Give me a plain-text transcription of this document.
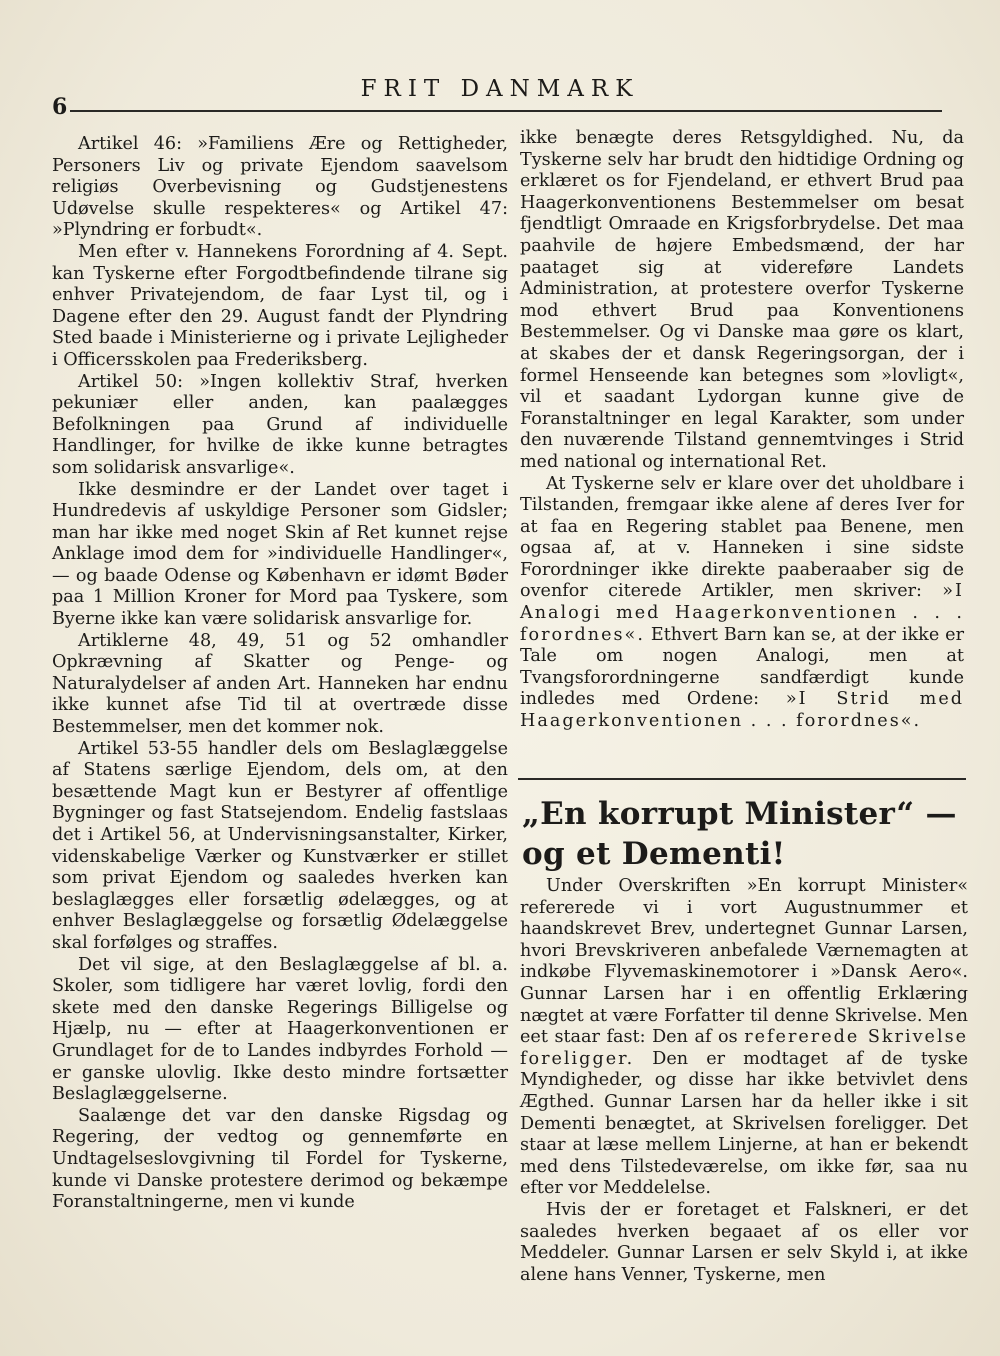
6
FRIT DANMARK

Artikel 46: »Familiens Ære og Rettigheder, Personers Liv og private Ejendom saavelsom religiøs Overbevisning og Gudstjenestens Udøvelse skulle respekteres« og Artikel 47: »Plyndring er forbudt«.

Men efter v. Hannekens Forordning af 4. Sept. kan Tyskerne efter Forgodtbefindende tilrane sig enhver Privatejendom, de faar Lyst til, og i Dagene efter den 29. August fandt der Plyndring Sted baade i Ministerierne og i private Lejligheder i Officersskolen paa Frederiksberg.

Artikel 50: »Ingen kollektiv Straf, hverken pekuniær eller anden, kan paalægges Befolkningen paa Grund af individuelle Handlinger, for hvilke de ikke kunne betragtes som solidarisk ansvarlige«.

Ikke desmindre er der Landet over taget i Hundredevis af uskyldige Personer som Gidsler; man har ikke med noget Skin af Ret kunnet rejse Anklage imod dem for »individuelle Handlinger«, — og baade Odense og København er idømt Bøder paa 1 Million Kroner for Mord paa Tyskere, som Byerne ikke kan være solidarisk ansvarlige for.

Artiklerne 48, 49, 51 og 52 omhandler Opkrævning af Skatter og Penge- og Naturalydelser af anden Art. Hanneken har endnu ikke kunnet afse Tid til at overtræde disse Bestemmelser, men det kommer nok.

Artikel 53-55 handler dels om Beslaglæggelse af Statens særlige Ejendom, dels om, at den besættende Magt kun er Bestyrer af offentlige Bygninger og fast Statsejendom. Endelig fastslaas det i Artikel 56, at Undervisningsanstalter, Kirker, videnskabelige Værker og Kunstværker er stillet som privat Ejendom og saaledes hverken kan beslaglægges eller forsætlig ødelægges, og at enhver Beslaglæggelse og forsætlig Ødelæggelse skal forfølges og straffes.

Det vil sige, at den Beslaglæggelse af bl. a. Skoler, som tidligere har været lovlig, fordi den skete med den danske Regerings Billigelse og Hjælp, nu — efter at Haagerkonventionen er Grundlaget for de to Landes indbyrdes Forhold — er ganske ulovlig. Ikke desto mindre fortsætter Beslaglæggelserne.

Saalænge det var den danske Rigsdag og Regering, der vedtog og gennemførte en Undtagelseslovgivning til Fordel for Tyskerne, kunde vi Danske protestere derimod og bekæmpe Foranstaltningerne, men vi kunde

ikke benægte deres Retsgyldighed. Nu, da Tyskerne selv har brudt den hidtidige Ordning og erklæret os for Fjendeland, er ethvert Brud paa Haagerkonventionens Bestemmelser om besat fjendtligt Omraade en Krigsforbrydelse. Det maa paahvile de højere Embedsmænd, der har paataget sig at videreføre Landets Administration, at protestere overfor Tyskerne mod ethvert Brud paa Konventionens Bestemmelser. Og vi Danske maa gøre os klart, at skabes der et dansk Regeringsorgan, der i formel Henseende kan betegnes som »lovligt«, vil et saadant Lydorgan kunne give de Foranstaltninger en legal Karakter, som under den nuværende Tilstand gennemtvinges i Strid med national og international Ret.

At Tyskerne selv er klare over det uholdbare i Tilstanden, fremgaar ikke alene af deres Iver for at faa en Regering stablet paa Benene, men ogsaa af, at v. Hanneken i sine sidste Forordninger ikke direkte paaberaaber sig de ovenfor citerede Artikler, men skriver: »I Analogi med Haagerkonventionen . . . forordnes«. Ethvert Barn kan se, at der ikke er Tale om nogen Analogi, men at Tvangsforordningerne sandfærdigt kunde indledes med Ordene: »I Strid med Haagerkonventionen . . . forordnes«.

„En korrupt Minister“ —
og et Dementi!

Under Overskriften »En korrupt Minister« refererede vi i vort Augustnummer et haandskrevet Brev, undertegnet Gunnar Larsen, hvori Brevskriveren anbefalede Værnemagten at indkøbe Flyvemaskinemotorer i »Dansk Aero«. Gunnar Larsen har i en offentlig Erklæring nægtet at være Forfatter til denne Skrivelse. Men eet staar fast: Den af os refererede Skrivelse foreligger. Den er modtaget af de tyske Myndigheder, og disse har ikke betvivlet dens Ægthed. Gunnar Larsen har da heller ikke i sit Dementi benægtet, at Skrivelsen foreligger. Det staar at læse mellem Linjerne, at han er bekendt med dens Tilstedeværelse, om ikke før, saa nu efter vor Meddelelse.

Hvis der er foretaget et Falskneri, er det saaledes hverken begaaet af os eller vor Meddeler. Gunnar Larsen er selv Skyld i, at ikke alene hans Venner, Tyskerne, men
